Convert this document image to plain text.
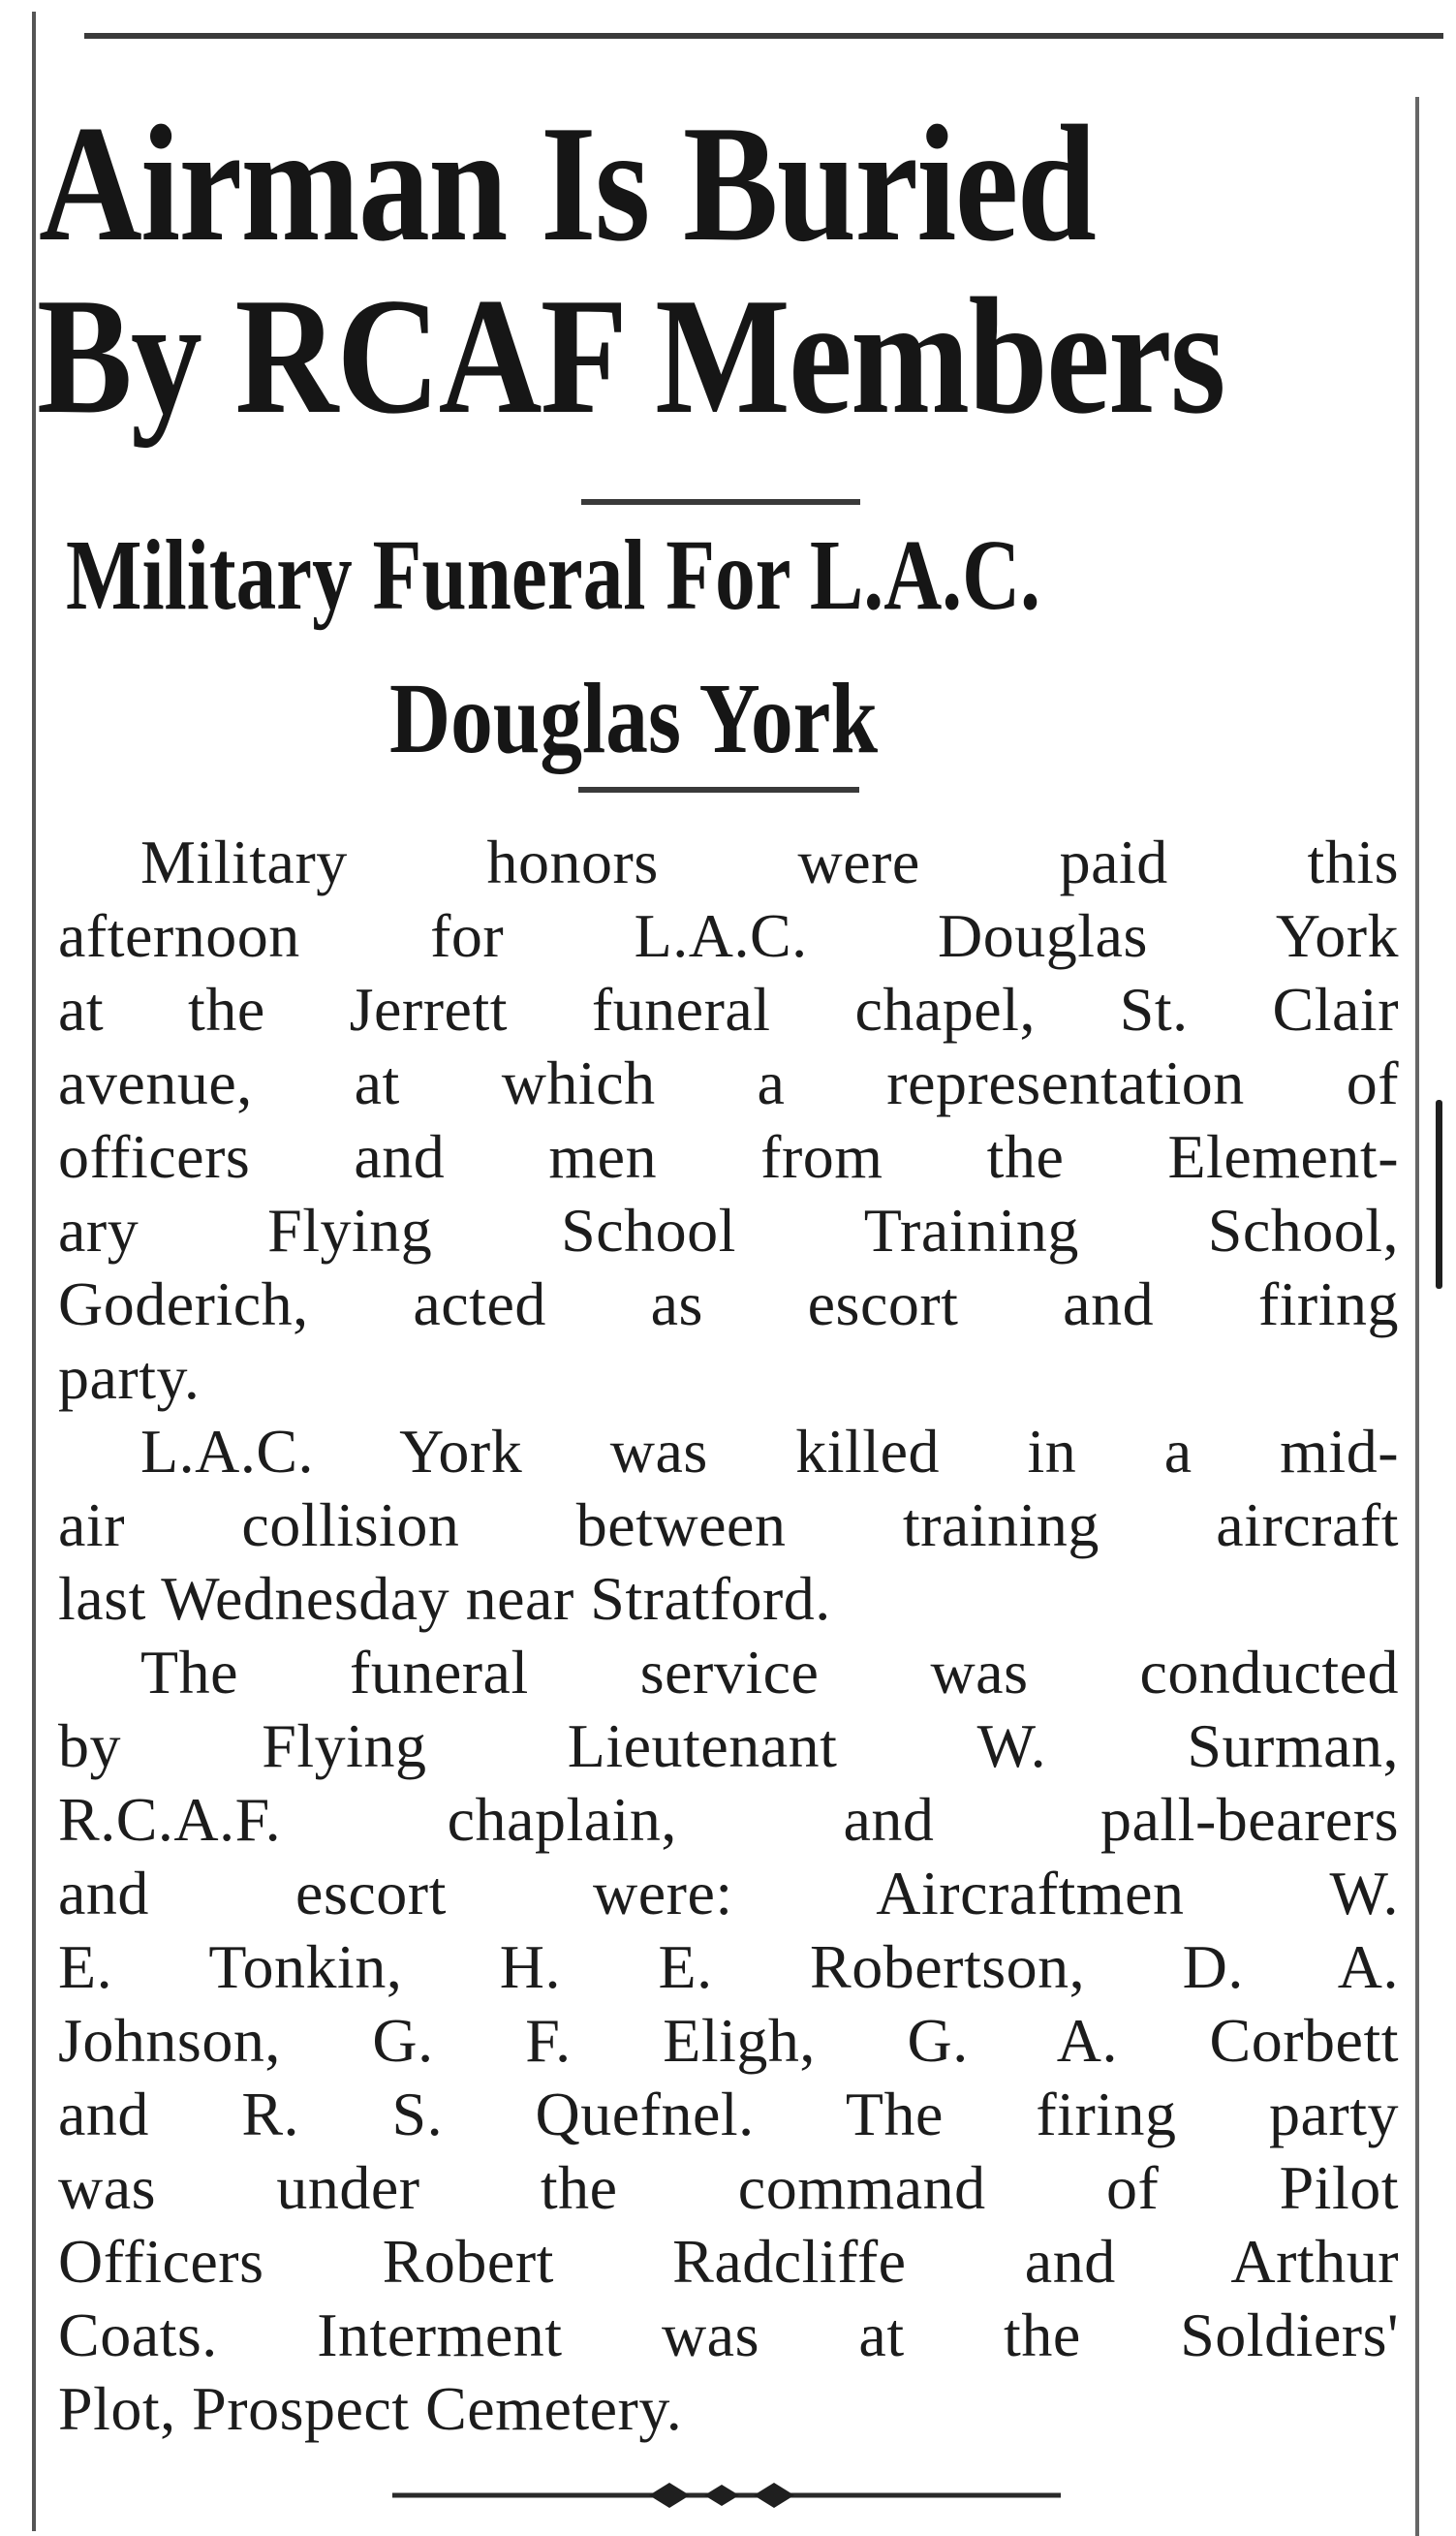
Airman Is Buried
By RCAF Members
Military Funeral For L.A.C.
Douglas York
Military honors were paid this
afternoon for L.A.C. Douglas York
at the Jerrett funeral chapel, St. Clair
avenue, at which a representation of
officers and men from the Element-
ary Flying School Training School,
Goderich, acted as escort and firing
party.
L.A.C. York was killed in a mid-
air collision between training aircraft
last Wednesday near Stratford.
The funeral service was conducted
by Flying Lieutenant W. Surman,
R.C.A.F. chaplain, and pall-bearers
and escort were: Aircraftmen W.
E. Tonkin, H. E. Robertson, D. A.
Johnson, G. F. Eligh, G. A. Corbett
and R. S. Quefnel. The firing party
was under the command of Pilot
Officers Robert Radcliffe and Arthur
Coats. Interment was at the Soldiers'
Plot, Prospect Cemetery.
